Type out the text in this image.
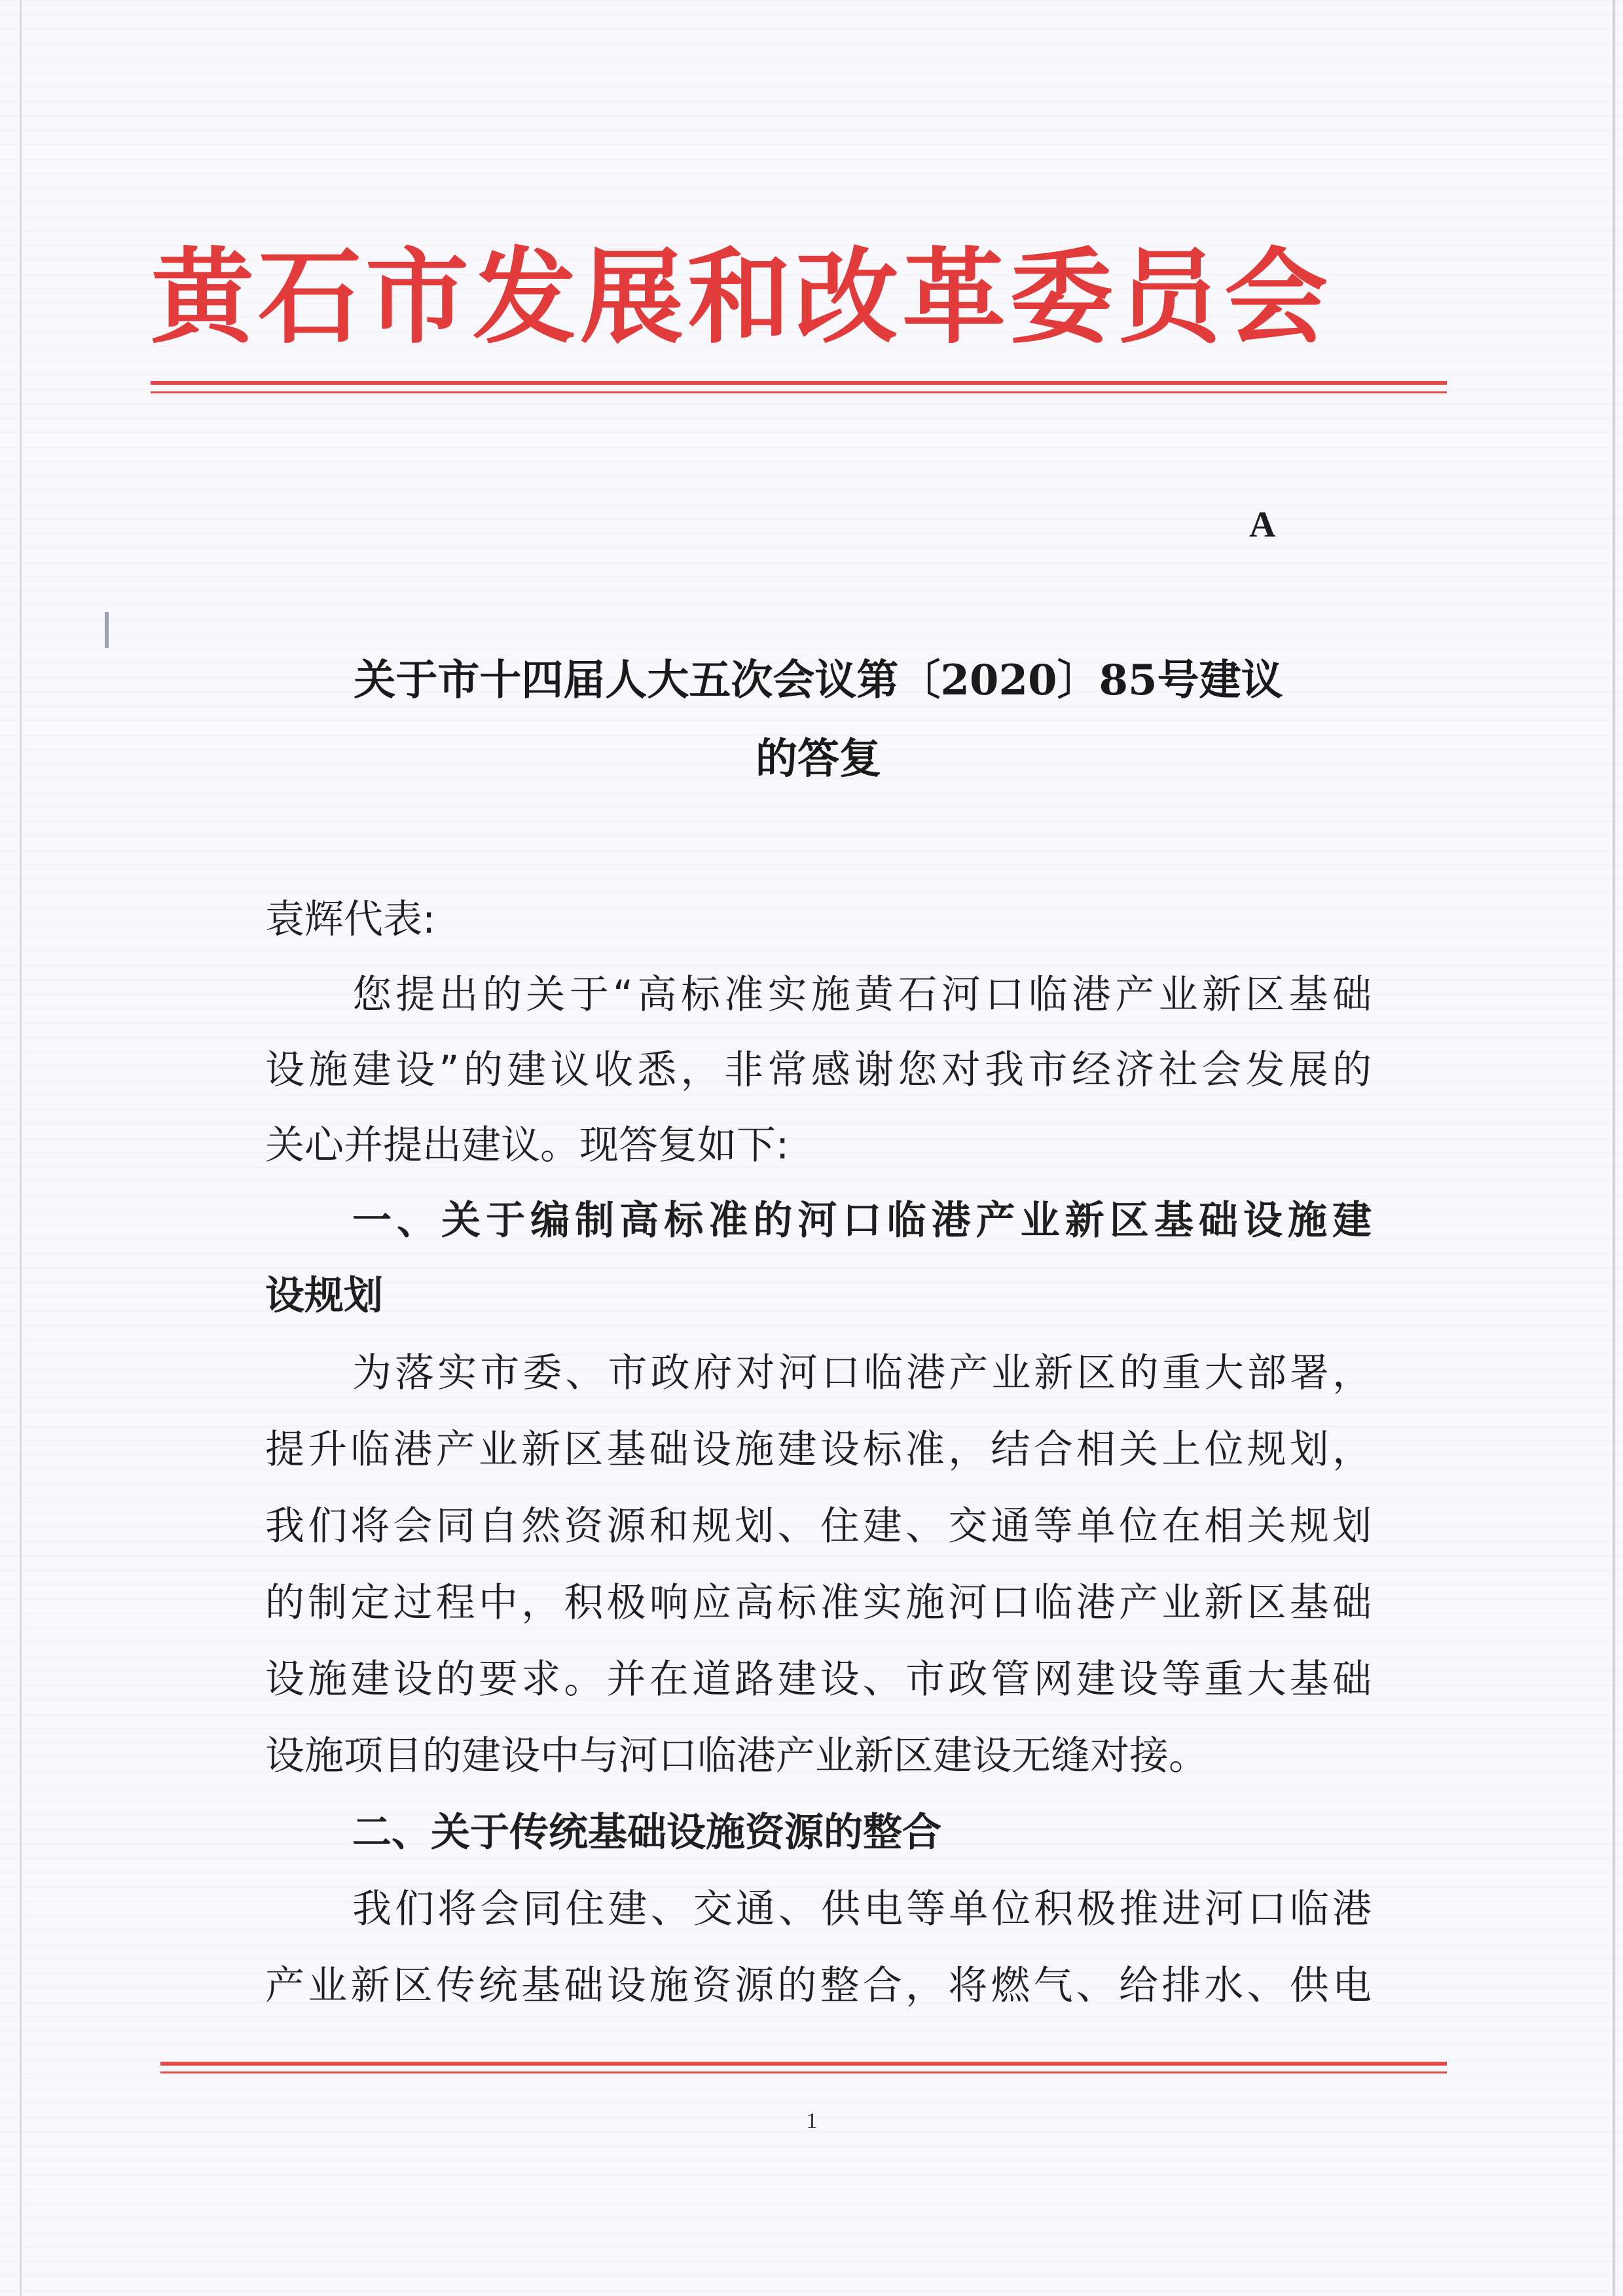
黄石市发展和改革委员会
A
关于市十四届人大五次会议第〔2020〕85号建议
的答复
袁辉代表:
您提出的关于“高标准实施黄石河口临港产业新区基础
设施建设”的建议收悉，非常感谢您对我市经济社会发展的
关心并提出建议。现答复如下:
一、关于编制高标准的河口临港产业新区基础设施建
设规划
为落实市委、市政府对河口临港产业新区的重大部署，
提升临港产业新区基础设施建设标准，结合相关上位规划，
我们将会同自然资源和规划、住建、交通等单位在相关规划
的制定过程中，积极响应高标准实施河口临港产业新区基础
设施建设的要求。并在道路建设、市政管网建设等重大基础
设施项目的建设中与河口临港产业新区建设无缝对接。
二、关于传统基础设施资源的整合
我们将会同住建、交通、供电等单位积极推进河口临港
产业新区传统基础设施资源的整合，将燃气、给排水、供电
1
